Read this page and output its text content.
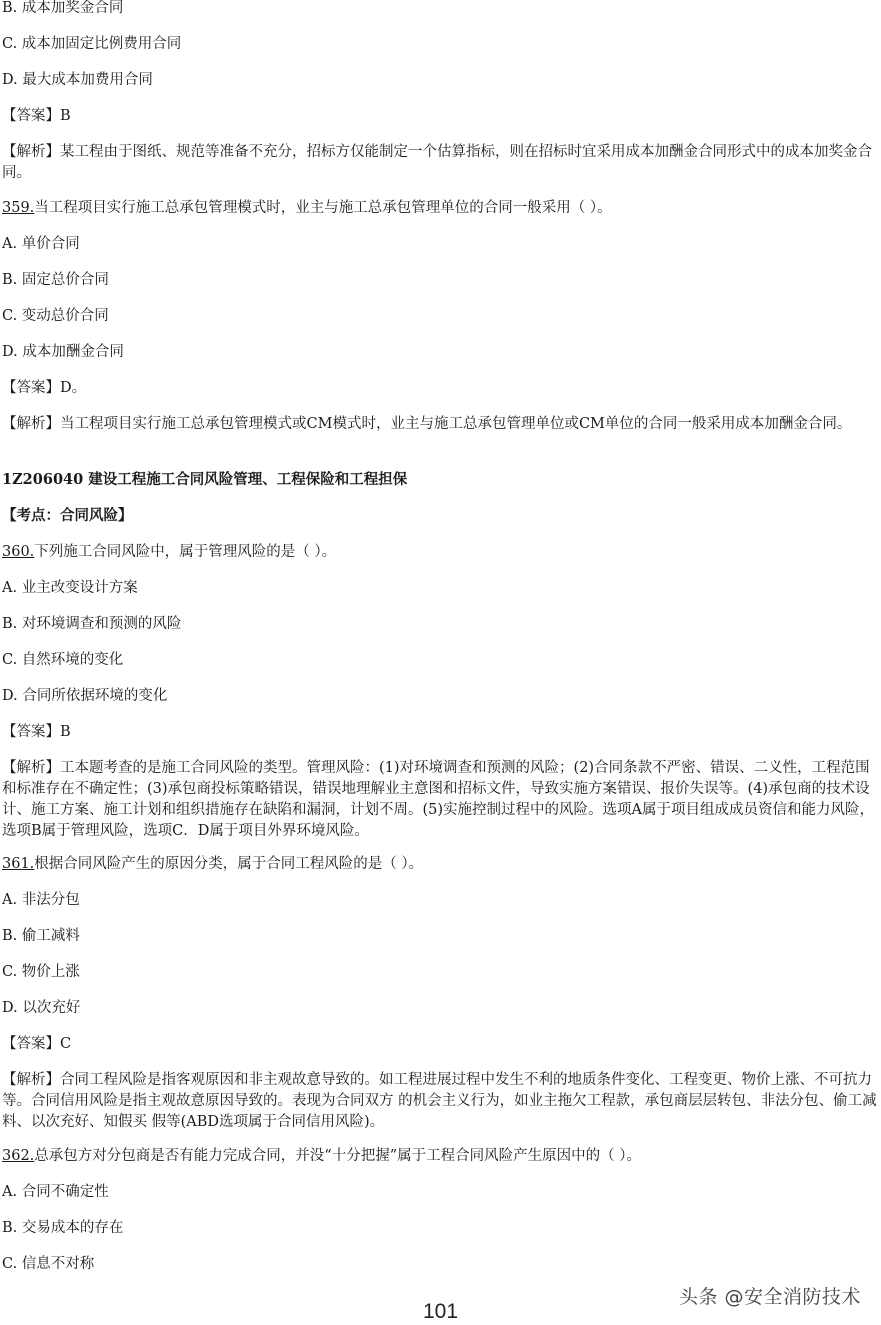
B. 成本加奖金合同
C. 成本加固定比例费用合同
D. 最大成本加费用合同
【答案】B
【解析】某工程由于图纸、规范等准备不充分，招标方仅能制定一个估算指标，则在招标时宜采用成本加酬金合同形式中的成本加奖金合同。
359.当工程项目实行施工总承包管理模式时，业主与施工总承包管理单位的合同一般采用（ ）。
A. 单价合同
B. 固定总价合同
C. 变动总价合同
D. 成本加酬金合同
【答案】D。
【解析】当工程项目实行施工总承包管理模式或CM模式时，业主与施工总承包管理单位或CM单位的合同一般采用成本加酬金合同。
1Z206040 建设工程施工合同风险管理、工程保险和工程担保
【考点：合同风险】
360.下列施工合同风险中，属于管理风险的是（ ）。
A. 业主改变设计方案
B. 对环境调查和预测的风险
C. 自然环境的变化
D. 合同所依据环境的变化
【答案】B
【解析】工本题考查的是施工合同风险的类型。管理风险：(1)对环境调查和预测的风险；(2)合同条款不严密、错误、二义性，工程范围和标准存在不确定性；(3)承包商投标策略错误，错误地理解业主意图和招标文件，导致实施方案错误、报价失误等。(4)承包商的技术设计、施工方案、施工计划和组织措施存在缺陷和漏洞，计划不周。(5)实施控制过程中的风险。选项A属于项目组成成员资信和能力风险，选项B属于管理风险，选项C．D属于项目外界环境风险。
361.根据合同风险产生的原因分类，属于合同工程风险的是（ ）。
A. 非法分包
B. 偷工减料
C. 物价上涨
D. 以次充好
【答案】C
【解析】合同工程风险是指客观原因和非主观故意导致的。如工程进展过程中发生不利的地质条件变化、工程变更、物价上涨、不可抗力等。合同信用风险是指主观故意原因导致的。表现为合同双方 的机会主义行为，如业主拖欠工程款，承包商层层转包、非法分包、偷工减料、以次充好、知假买 假等(ABD选项属于合同信用风险)。
362.总承包方对分包商是否有能力完成合同，并没“十分把握”属于工程合同风险产生原因中的（ ）。
A. 合同不确定性
B. 交易成本的存在
C. 信息不对称
头条 @安全消防技术
101
